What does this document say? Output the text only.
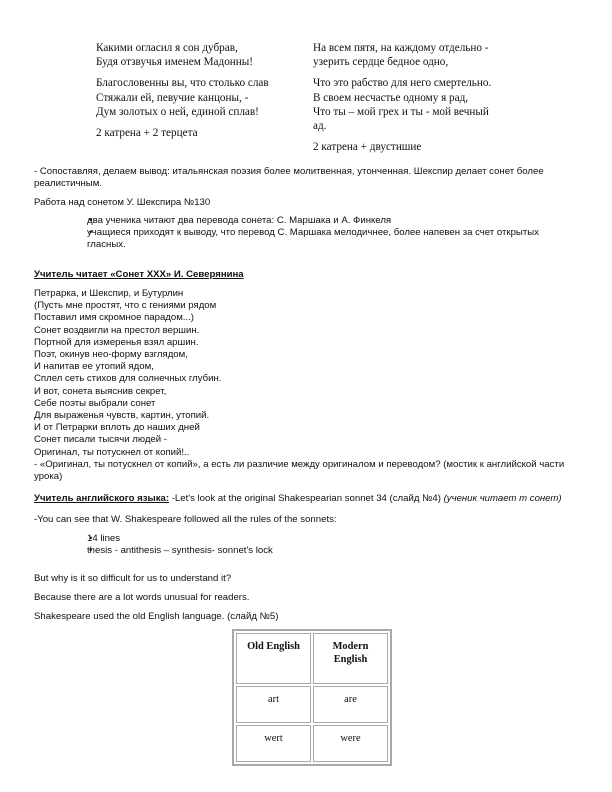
Какими огласил я сон дубрав,

Будя отзвучья именем Мадонны!

Благословенны вы, что столько слав

Стяжали ей, певучие канцоны, -

Дум золотых о ней, единой сплав!

2 катрена + 2 терцета

На всем пятя, на каждому отдельно -

узерить сердце бедное одно,

Что это рабство для него смертельно.

В своем несчастье одному я рад,

Что ты – мой грех и ты - мой вечный

ад.

2 катрена + двустишие

- Сопоставляя, делаем вывод: итальянская поэзия более молитвенная, утонченная. Шекспир делает сонет более реалистичным.

Работа над сонетом У. Шекспира №130

• два ученика читают два перевода сонета: С. Маршака и А. Финкеля
• учащиеся приходят к выводу, что перевод С. Маршака мелодичнее, более напевен за счет открытых гласных.

Учитель читает «Сонет XXX» И. Северянина

Петрарка, и Шекспир, и Бутурлин

(Пусть мне простят, что с гениями рядом

Поставил имя скромное парадом...)

Сонет воздвигли на престол вершин.

Портной для измеренья взял аршин.

Поэт, окинув нео-форму взглядом,

И напитав ее утопий ядом,

Сплел сеть стихов для солнечных глубин.

И вот, сонета выяснив секрет,

Себе поэты выбрали сонет

Для выраженья чувств, картин, утопий.

И от Петрарки вплоть до наших дней

Сонет писали тысячи людей -

Оригинал, ты потускнел от копий!..

- «Оригинал, ты потускнел от копий», а есть ли различие между оригиналом и переводом? (мостик к английской части урока)

Учитель английского языка: -Let's look at the original Shakespearian sonnet 34 (слайд №4) (ученик читает т сонет)

-You can see that W. Shakespeare followed all the rules of the sonnets:

• 14 lines
• thesis - antithesis – synthesis- sonnet's lock

But why is it so difficult for us to understand it?

Because there are a lot words unusual for readers.

Shakespeare used the old English language. (слайд №5)

Old English	Modern English
art	are
wert	were
